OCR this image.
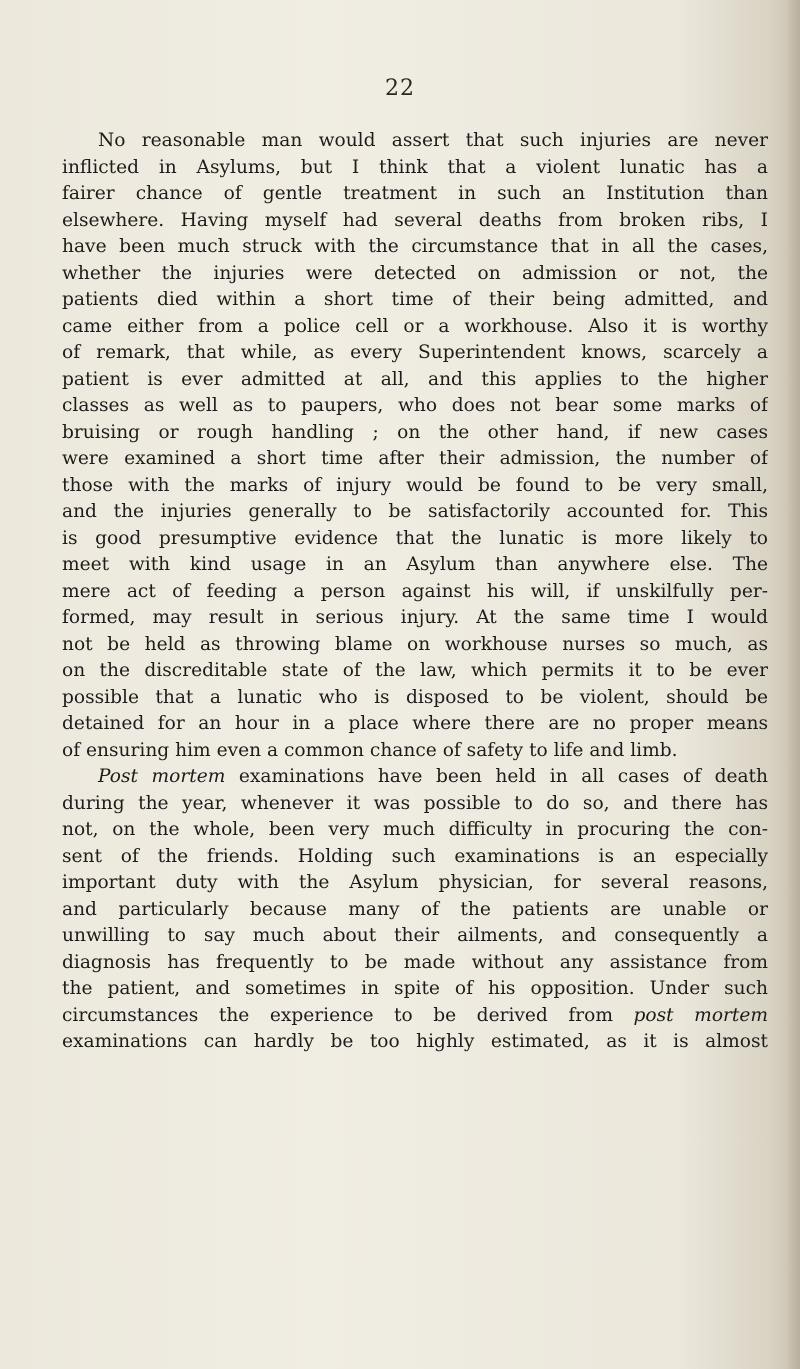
22
No reasonable man would assert that such injuries are never
inflicted in Asylums, but I think that a violent lunatic has a
fairer chance of gentle treatment in such an Institution than
elsewhere. Having myself had several deaths from broken ribs, I
have been much struck with the circumstance that in all the cases,
whether the injuries were detected on admission or not, the
patients died within a short time of their being admitted, and
came either from a police cell or a workhouse. Also it is worthy
of remark, that while, as every Superintendent knows, scarcely a
patient is ever admitted at all, and this applies to the higher
classes as well as to paupers, who does not bear some marks of
bruising or rough handling ; on the other hand, if new cases
were examined a short time after their admission, the number of
those with the marks of injury would be found to be very small,
and the injuries generally to be satisfactorily accounted for. This
is good presumptive evidence that the lunatic is more likely to
meet with kind usage in an Asylum than anywhere else. The
mere act of feeding a person against his will, if unskilfully per-
formed, may result in serious injury. At the same time I would
not be held as throwing blame on workhouse nurses so much, as
on the discreditable state of the law, which permits it to be ever
possible that a lunatic who is disposed to be violent, should be
detained for an hour in a place where there are no proper means
of ensuring him even a common chance of safety to life and limb.
Post mortem examinations have been held in all cases of death
during the year, whenever it was possible to do so, and there has
not, on the whole, been very much difficulty in procuring the con-
sent of the friends. Holding such examinations is an especially
important duty with the Asylum physician, for several reasons,
and particularly because many of the patients are unable or
unwilling to say much about their ailments, and consequently a
diagnosis has frequently to be made without any assistance from
the patient, and sometimes in spite of his opposition. Under such
circumstances the experience to be derived from post mortem
examinations can hardly be too highly estimated, as it is almost
